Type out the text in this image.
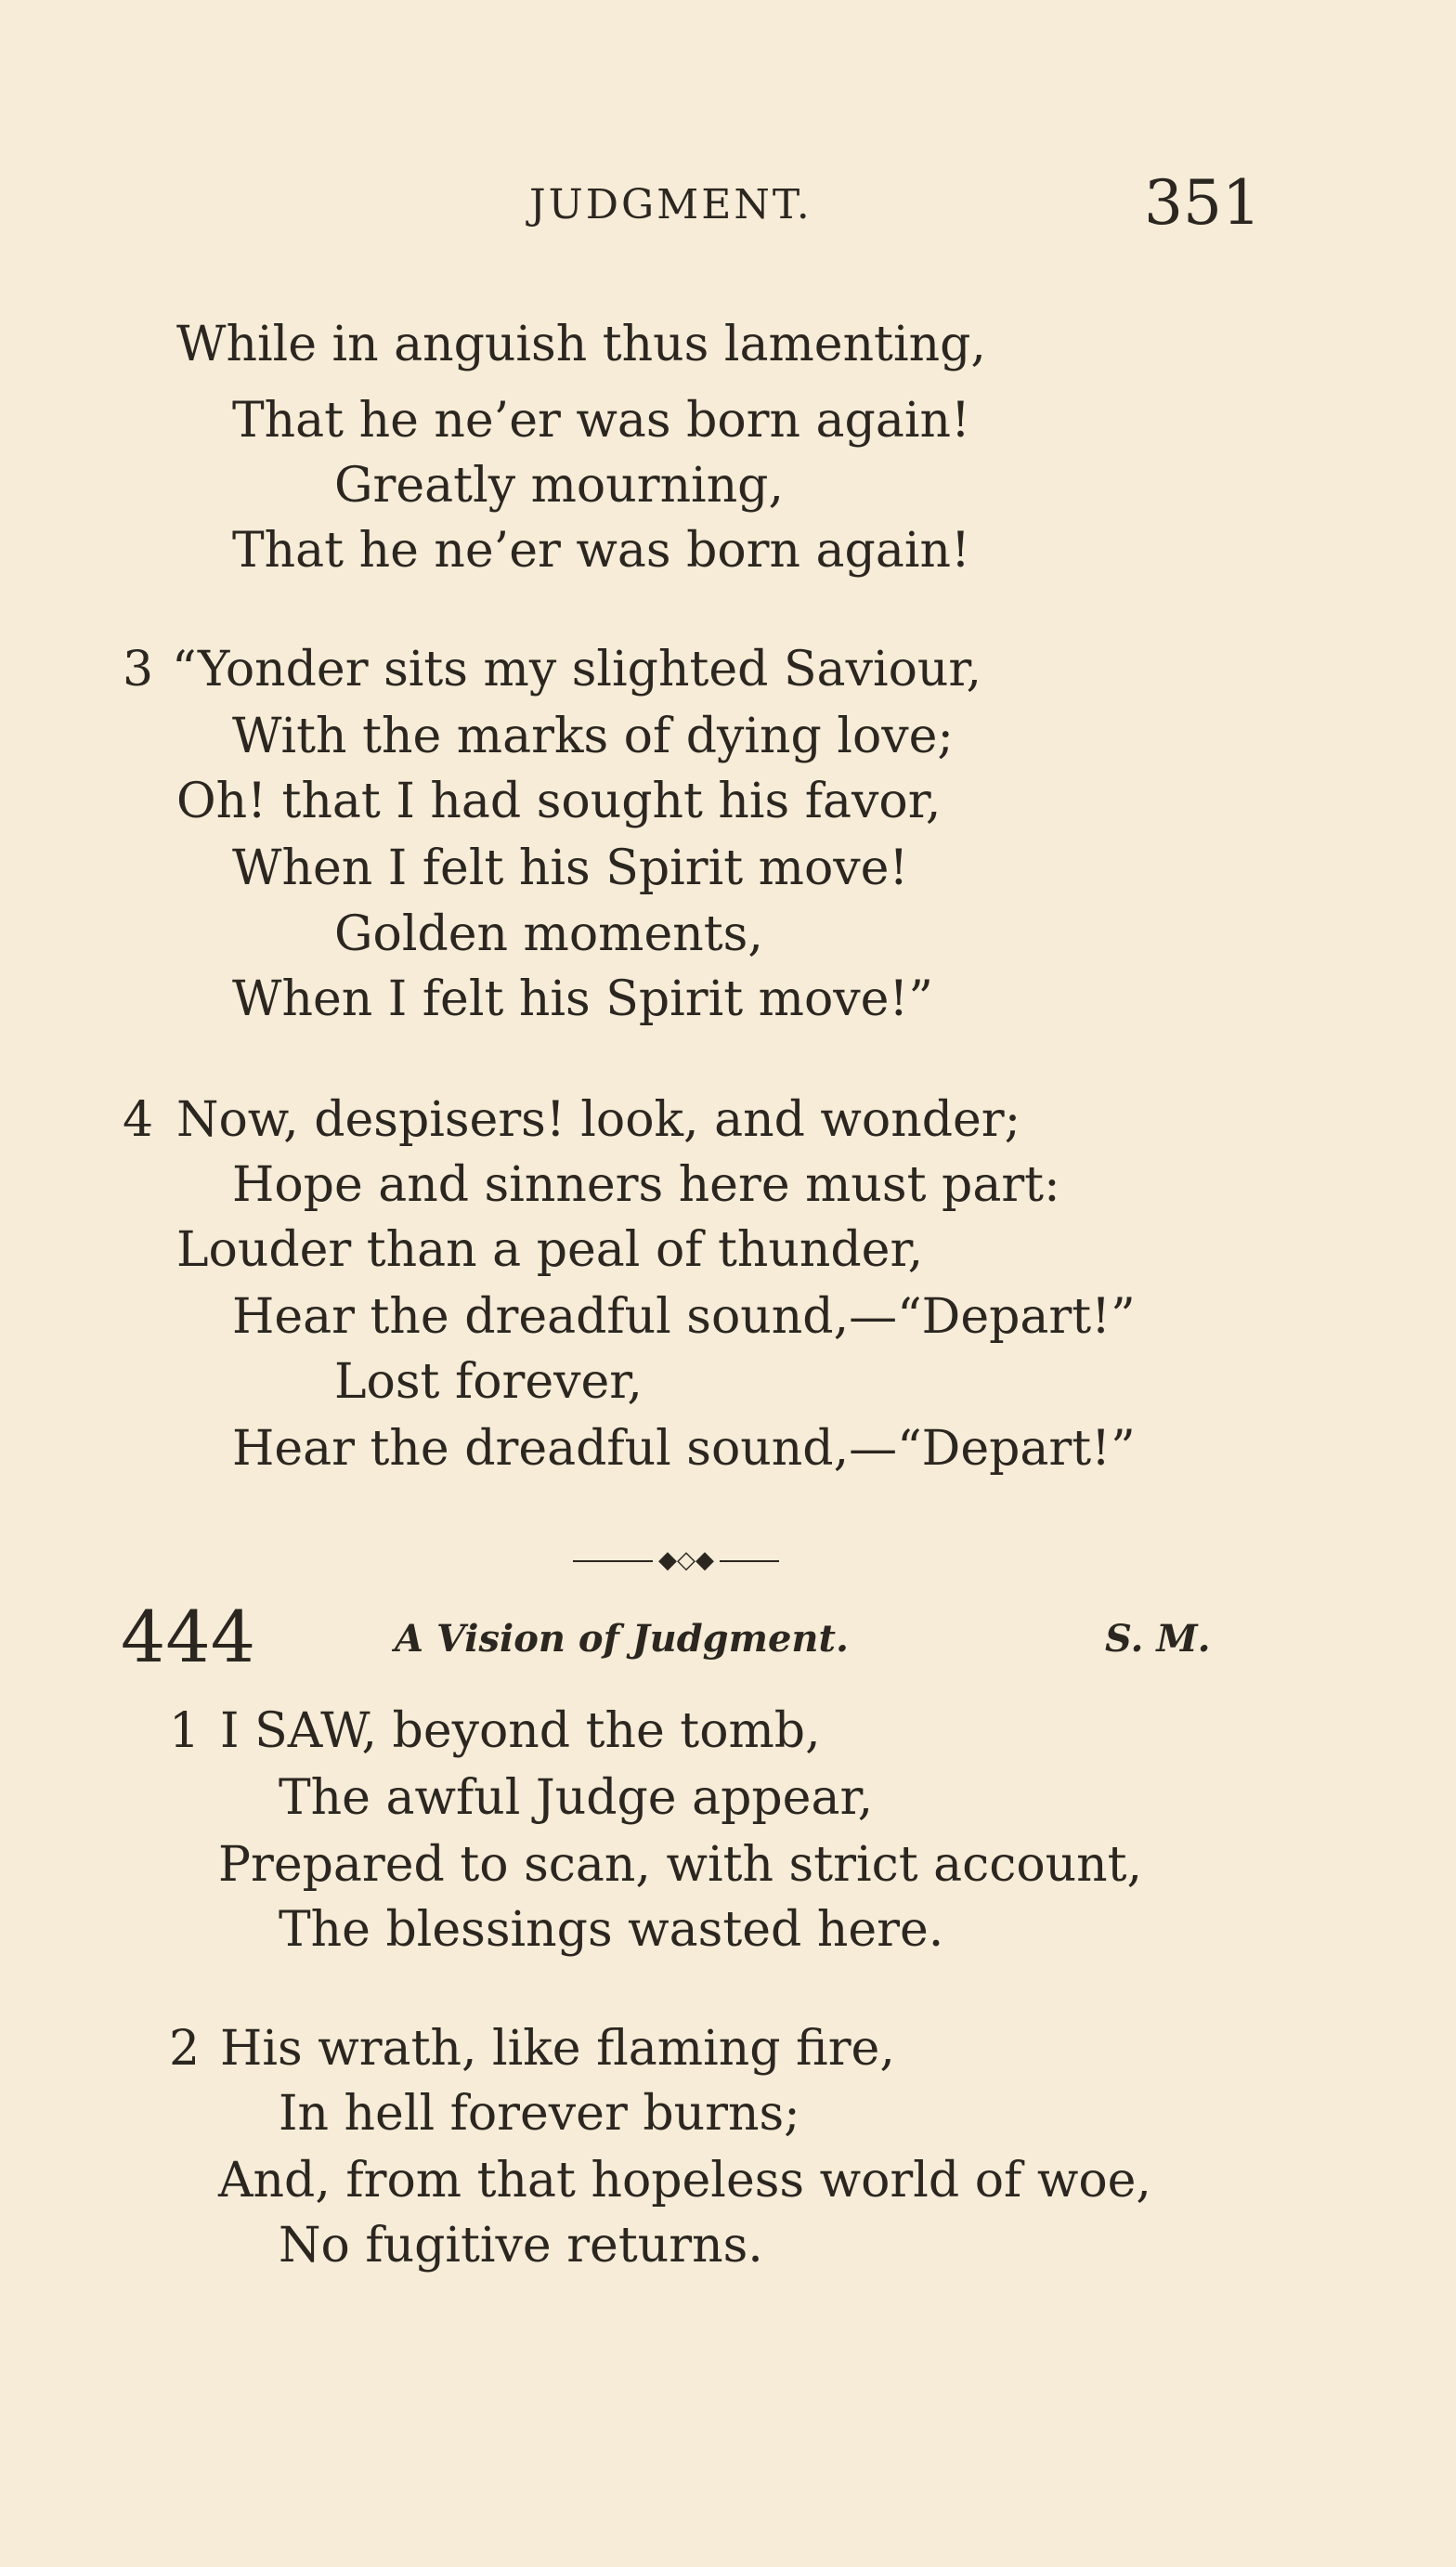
JUDGMENT.	351
While in anguish thus lamenting,
That he ne’er was born again!
Greatly mourning,
That he ne’er was born again!
3 “Yonder sits my slighted Saviour,
With the marks of dying love;
Oh! that I had sought his favor,
When I felt his Spirit move!
Golden moments,
When I felt his Spirit move!”
4 Now, despisers! look, and wonder;
Hope and sinners here must part:
Louder than a peal of thunder,
Hear the dreadful sound,—“Depart!”
Lost forever,
Hear the dreadful sound,—“Depart!”
◆◇◆
444	A Vision of Judgment.	S. M.
1 I SAW, beyond the tomb,
The awful Judge appear,
Prepared to scan, with strict account,
The blessings wasted here.
2 His wrath, like flaming fire,
In hell forever burns;
And, from that hopeless world of woe,
No fugitive returns.
